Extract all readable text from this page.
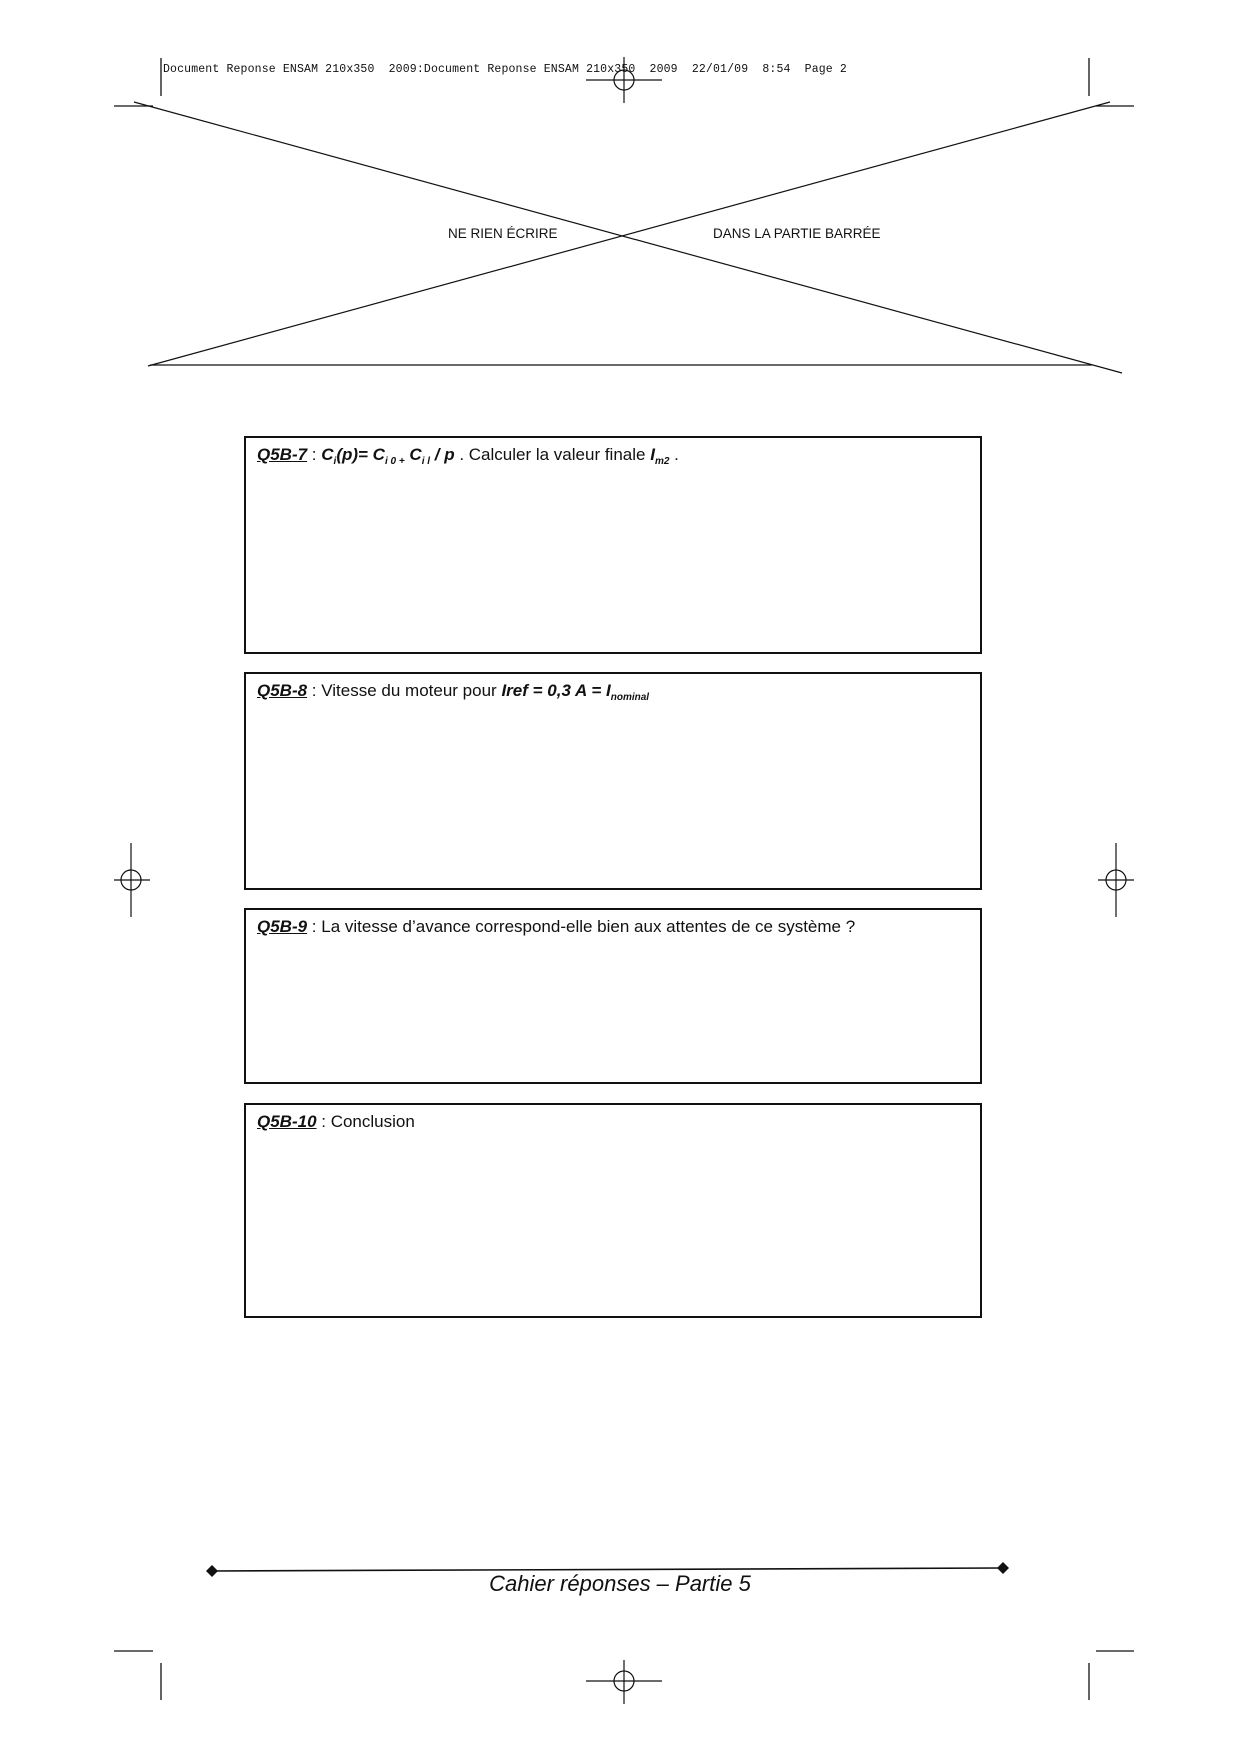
Document Reponse ENSAM 210x350  2009:Document Reponse ENSAM 210x350  2009  22/01/09  8:54  Page 2
NE RIEN ÉCRIRE	DANS LA PARTIE BARRÉE
Q5B-7 : $C_i(p)= C_{i 0 +}$ $C_{i l}$ / p . Calculer la valeur finale $I_{m2}$ .
Q5B-8 : Vitesse du moteur pour Iref = 0,3 $A = I_{nominal}$
Q5B-9 : La vitesse d’avance correspond-elle bien aux attentes de ce système ?
Q5B-10 : Conclusion
Cahier réponses – Partie 5
